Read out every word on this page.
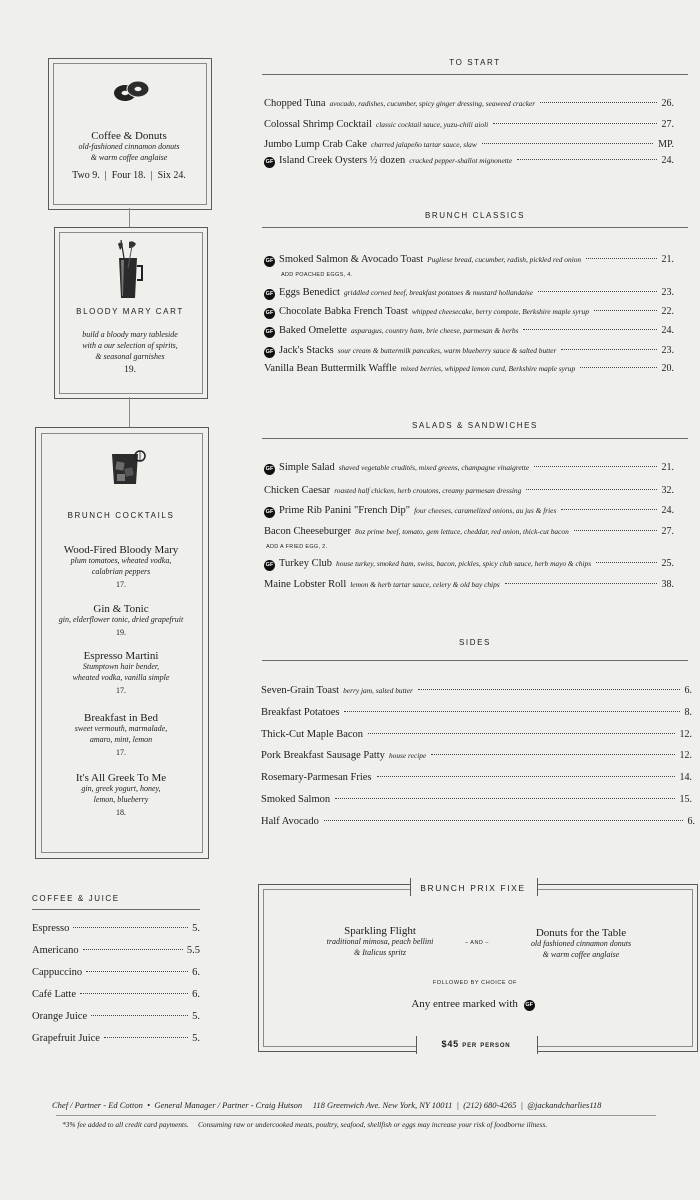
Coffee & Donuts
old-fashioned cinnamon donuts
& warm coffee anglaise
Two 9.  |  Four 18.  |  Six 24.
BLOODY MARY CART
build a bloody mary tableside
with a our selection of spirits,
& seasonal garnishes
19.
BRUNCH COCKTAILS
Wood-Fired Bloody Mary
plum tomatoes, wheated vodka,
calabrian peppers
17.
Gin & Tonic
gin, elderflower tonic, dried grapefruit
19.
Espresso Martini
Stumptown hair bender,
wheated vodka, vanilla simple
17.
Breakfast in Bed
sweet vermouth, marmalade,
amaro, mint, lemon
17.
It's All Greek To Me
gin, greek yogurt, honey,
lemon, blueberry
18.
COFFEE & JUICE
Espresso	5.
Americano	5.5
Cappuccino	6.
Café Latte	6.
Orange Juice	5.
Grapefruit Juice	5.
TO START
Chopped Tuna avocado, radishes, cucumber, spicy ginger dressing, seaweed cracker	26.
Colossal Shrimp Cocktail classic cocktail sauce, yuzu-chili aioli	27.
Jumbo Lump Crab Cake charred jalapeño tartar sauce, slaw	MP.
GF Island Creek Oysters ½ dozen cracked pepper-shallot mignonette	24.
BRUNCH CLASSICS
GF Smoked Salmon & Avocado Toast Pugliese bread, cucumber, radish, pickled red onion	21.
ADD POACHED EGGS, 4.
GF Eggs Benedict griddled corned beef, breakfast potatoes & mustard hollandaise	23.
GF Chocolate Babka French Toast whipped cheesecake, berry compote, Berkshire maple syrup	22.
GF Baked Omelette asparagus, country ham, brie cheese, parmesan & herbs	24.
GF Jack's Stacks sour cream & buttermilk pancakes, warm blueberry sauce & salted butter	23.
Vanilla Bean Buttermilk Waffle mixed berries, whipped lemon curd, Berkshire maple syrup	20.
SALADS & SANDWICHES
GF Simple Salad shaved vegetable crudités, mixed greens, champagne vinaigrette	21.
Chicken Caesar roasted half chicken, herb croutons, creamy parmesan dressing	32.
GF Prime Rib Panini "French Dip" four cheeses, caramelized onions, au jus & fries	24.
Bacon Cheeseburger 8oz prime beef, tomato, gem lettuce, cheddar, red onion, thick-cut bacon	27.
ADD A FRIED EGG, 2.
GF Turkey Club house turkey, smoked ham, swiss, bacon, pickles, spicy club sauce, herb mayo & chips	25.
Maine Lobster Roll lemon & herb tartar sauce, celery & old bay chips	38.
SIDES
Seven-Grain Toast berry jam, salted butter	6.
Breakfast Potatoes	8.
Thick-Cut Maple Bacon	12.
Pork Breakfast Sausage Patty house recipe	12.
Rosemary-Parmesan Fries	14.
Smoked Salmon	15.
Half Avocado	6.
BRUNCH PRIX FIXE
Sparkling Flight
traditional mimosa, peach bellini
& Italicus spritz
– AND –
Donuts for the Table
old fashioned cinnamon donuts
& warm coffee anglaise
FOLLOWED BY CHOICE OF
Any entree marked with GF
$45 per person
Chef / Partner - Ed Cotton  •  General Manager / Partner - Craig Hutson     118 Greenwich Ave. New York, NY 10011  |  (212) 680-4265  |  @jackandcharlies118
*3% fee added to all credit card payments.     Consuming raw or undercooked meats, poultry, seafood, shellfish or eggs may increase your risk of foodborne illness.
